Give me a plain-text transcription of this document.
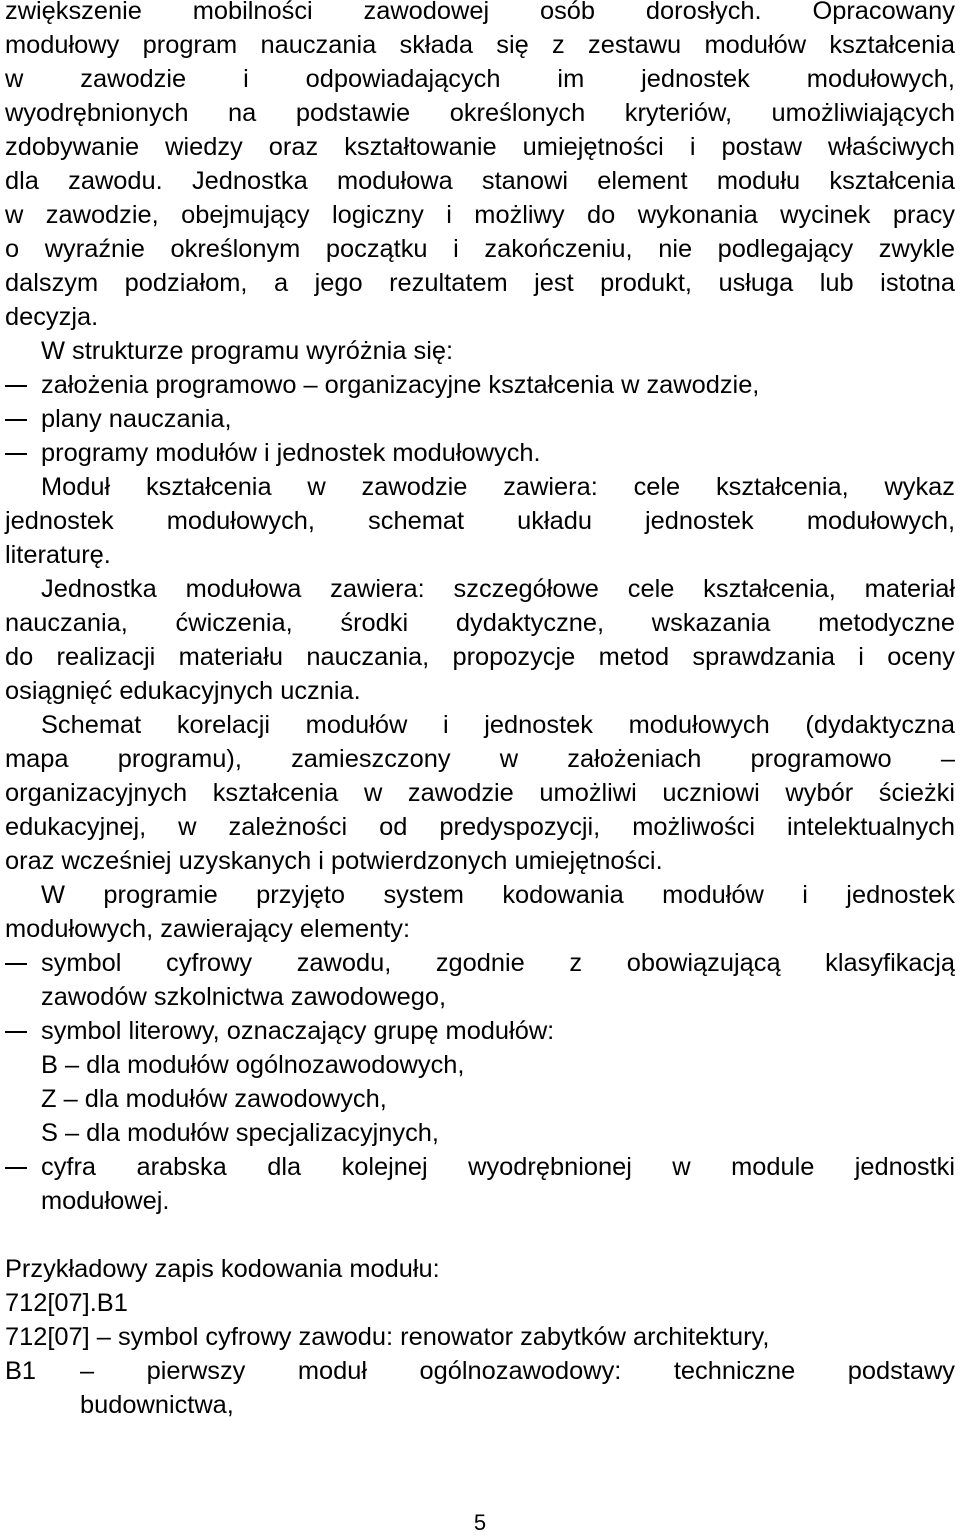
zwiększenie mobilności zawodowej osób dorosłych. Opracowany
modułowy program nauczania składa się z zestawu modułów kształcenia
w zawodzie i odpowiadających im jednostek modułowych,
wyodrębnionych na podstawie określonych kryteriów, umożliwiających
zdobywanie wiedzy oraz kształtowanie umiejętności i postaw właściwych
dla zawodu. Jednostka modułowa stanowi element modułu kształcenia
w zawodzie, obejmujący logiczny i możliwy do wykonania wycinek pracy
o wyraźnie określonym początku i zakończeniu, nie podlegający zwykle
dalszym podziałom, a jego rezultatem jest produkt, usługa lub istotna
decyzja.

W strukturze programu wyróżnia się:

założenia programowo – organizacyjne kształcenia w zawodzie,
plany nauczania,
programy modułów i jednostek modułowych.

Moduł kształcenia w zawodzie zawiera: cele kształcenia, wykaz
jednostek modułowych, schemat układu jednostek modułowych,
literaturę.

Jednostka modułowa zawiera: szczegółowe cele kształcenia, materiał
nauczania, ćwiczenia, środki dydaktyczne, wskazania metodyczne
do realizacji materiału nauczania, propozycje metod sprawdzania i oceny
osiągnięć edukacyjnych ucznia.

Schemat korelacji modułów i jednostek modułowych (dydaktyczna
mapa programu), zamieszczony w założeniach programowo –
organizacyjnych kształcenia w zawodzie umożliwi uczniowi wybór ścieżki
edukacyjnej, w zależności od predyspozycji, możliwości intelektualnych
oraz wcześniej uzyskanych i potwierdzonych umiejętności.

W programie przyjęto system kodowania modułów i jednostek
modułowych, zawierający elementy:

symbol cyfrowy zawodu, zgodnie z obowiązującą klasyfikacją
zawodów szkolnictwa zawodowego,
symbol literowy, oznaczający grupę modułów:
B – dla modułów ogólnozawodowych,
Z – dla modułów zawodowych,
S – dla modułów specjalizacyjnych,
cyfra arabska dla kolejnej wyodrębnionej w module jednostki
modułowej.
Przykładowy zapis kodowania modułu:
712[07].B1
712[07] – symbol cyfrowy zawodu: renowator zabytków architektury,
B1 – pierwszy moduł ogólnozawodowy: techniczne podstawy
budownictwa,
5
